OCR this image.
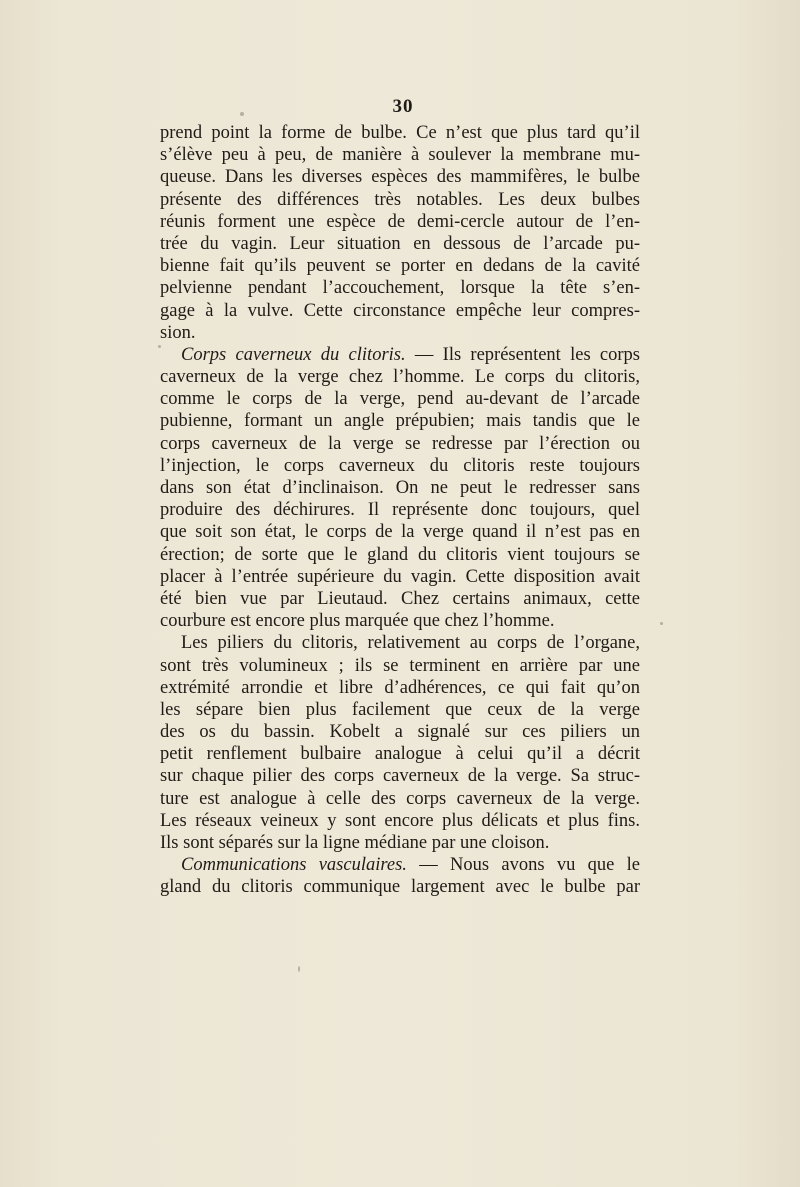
30
prend point la forme de bulbe. Ce n’est que plus tard qu’il
s’élève peu à peu, de manière à soulever la membrane mu-
queuse. Dans les diverses espèces des mammifères, le bulbe
présente des différences très notables. Les deux bulbes
réunis forment une espèce de demi-cercle autour de l’en-
trée du vagin. Leur situation en dessous de l’arcade pu-
bienne fait qu’ils peuvent se porter en dedans de la cavité
pelvienne pendant l’accouchement, lorsque la tête s’en-
gage à la vulve. Cette circonstance empêche leur compres-
sion.
Corps caverneux du clitoris. — Ils représentent les corps
caverneux de la verge chez l’homme. Le corps du clitoris,
comme le corps de la verge, pend au-devant de l’arcade
pubienne, formant un angle prépubien; mais tandis que le
corps caverneux de la verge se redresse par l’érection ou
l’injection, le corps caverneux du clitoris reste toujours
dans son état d’inclinaison. On ne peut le redresser sans
produire des déchirures. Il représente donc toujours, quel
que soit son état, le corps de la verge quand il n’est pas en
érection; de sorte que le gland du clitoris vient toujours se
placer à l’entrée supérieure du vagin. Cette disposition avait
été bien vue par Lieutaud. Chez certains animaux, cette
courbure est encore plus marquée que chez l’homme.
Les piliers du clitoris, relativement au corps de l’organe,
sont très volumineux ; ils se terminent en arrière par une
extrémité arrondie et libre d’adhérences, ce qui fait qu’on
les sépare bien plus facilement que ceux de la verge
des os du bassin. Kobelt a signalé sur ces piliers un
petit renflement bulbaire analogue à celui qu’il a décrit
sur chaque pilier des corps caverneux de la verge. Sa struc-
ture est analogue à celle des corps caverneux de la verge.
Les réseaux veineux y sont encore plus délicats et plus fins.
Ils sont séparés sur la ligne médiane par une cloison.
Communications vasculaires. — Nous avons vu que le
gland du clitoris communique largement avec le bulbe par
